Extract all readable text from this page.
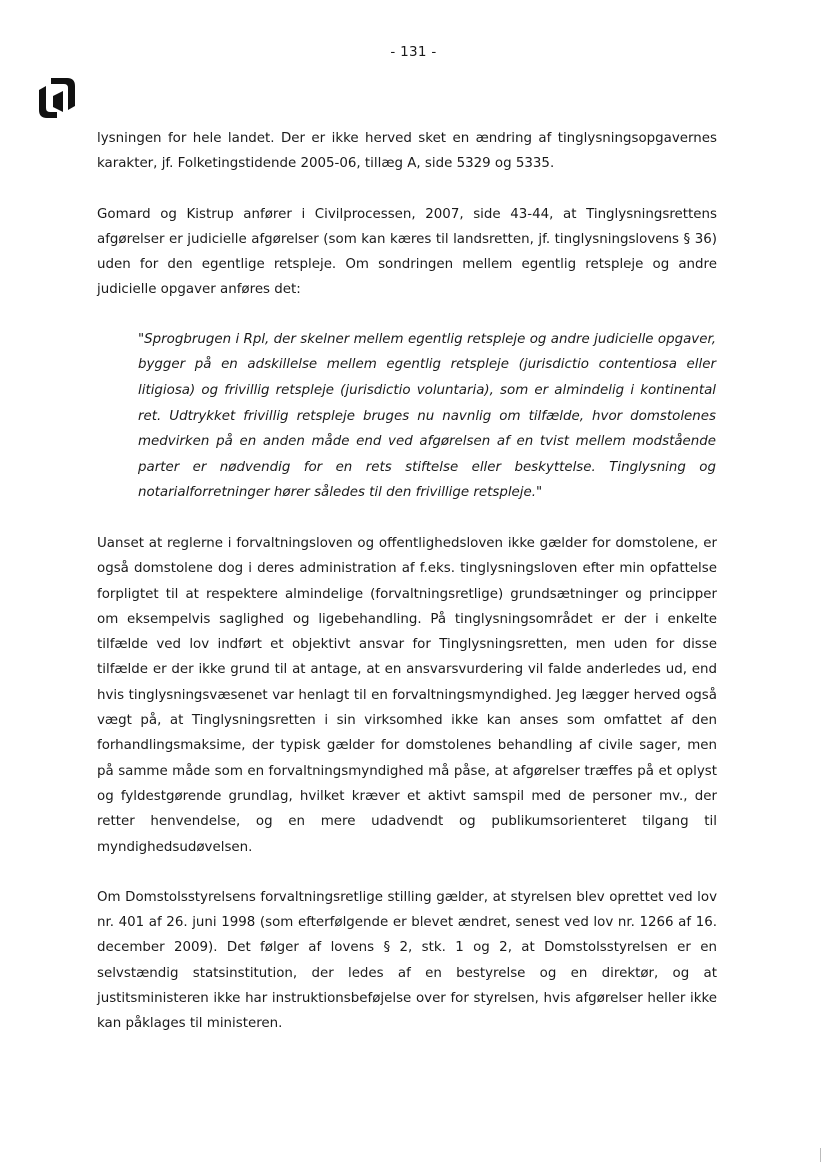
- 131 -

lysningen for hele landet. Der er ikke herved sket en ændring af tinglysningsopgavernes karakter, jf. Folketingstidende 2005-06, tillæg A, side 5329 og 5335.

Gomard og Kistrup anfører i Civilprocessen, 2007, side 43-44, at Tinglysningsrettens afgørelser er judicielle afgørelser (som kan kæres til landsretten, jf. tinglysningslovens § 36) uden for den egentlige retspleje. Om sondringen mellem egentlig retspleje og andre judicielle opgaver anføres det:

"Sprogbrugen i Rpl, der skelner mellem egentlig retspleje og andre judicielle opgaver, bygger på en adskillelse mellem egentlig retspleje (jurisdictio contentiosa eller litigiosa) og frivillig retspleje (jurisdictio voluntaria), som er almindelig i kontinental ret. Udtrykket frivillig retspleje bruges nu navnlig om tilfælde, hvor domstolenes medvirken på en anden måde end ved afgørelsen af en tvist mellem modstående parter er nødvendig for en rets stiftelse eller beskyttelse. Tinglysning og notarialforretninger hører således til den frivillige retspleje."

Uanset at reglerne i forvaltningsloven og offentlighedsloven ikke gælder for domstolene, er også domstolene dog i deres administration af f.eks. tinglysningsloven efter min opfattelse forpligtet til at respektere almindelige (forvaltningsretlige) grundsætninger og principper om eksempelvis saglighed og ligebehandling. På tinglysningsområdet er der i enkelte tilfælde ved lov indført et objektivt ansvar for Tinglysningsretten, men uden for disse tilfælde er der ikke grund til at antage, at en ansvarsvurdering vil falde anderledes ud, end hvis tinglysningsvæsenet var henlagt til en forvaltningsmyndighed. Jeg lægger herved også vægt på, at Tinglysningsretten i sin virksomhed ikke kan anses som omfattet af den forhandlingsmaksime, der typisk gælder for domstolenes behandling af civile sager, men på samme måde som en forvaltningsmyndighed må påse, at afgørelser træffes på et oplyst og fyldestgørende grundlag, hvilket kræver et aktivt samspil med de personer mv., der retter henvendelse, og en mere udadvendt og publikumsorienteret tilgang til myndighedsudøvelsen.

Om Domstolsstyrelsens forvaltningsretlige stilling gælder, at styrelsen blev oprettet ved lov nr. 401 af 26. juni 1998 (som efterfølgende er blevet ændret, senest ved lov nr. 1266 af 16. december 2009). Det følger af lovens § 2, stk. 1 og 2, at Domstolsstyrelsen er en selvstændig statsinstitution, der ledes af en bestyrelse og en direktør, og at justitsministeren ikke har instruktionsbeføjelse over for styrelsen, hvis afgørelser heller ikke kan påklages til ministeren.
